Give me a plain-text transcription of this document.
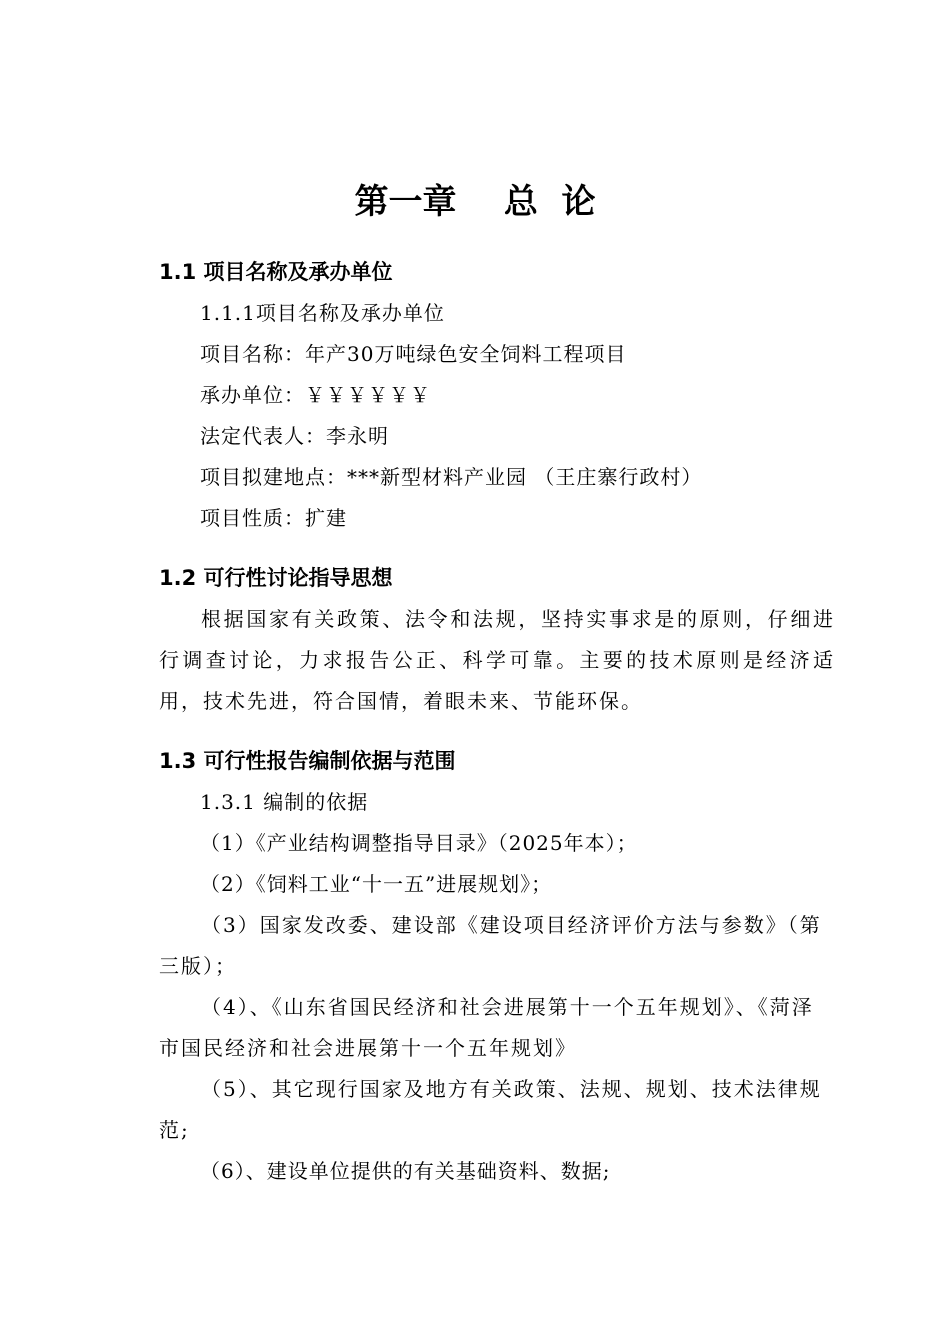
第一章    总  论
1.1 项目名称及承办单位
1.1.1项目名称及承办单位
项目名称：年产30万吨绿色安全饲料工程项目
承办单位：￥￥￥￥￥￥
法定代表人：李永明
项目拟建地点：***新型材料产业园 （王庄寨行政村）
项目性质：扩建
1.2 可行性讨论指导思想
根据国家有关政策、法令和法规，坚持实事求是的原则，仔细进行调查讨论，力求报告公正、科学可靠。主要的技术原则是经济适用，技术先进，符合国情，着眼未来、节能环保。
1.3 可行性报告编制依据与范围
1.3.1 编制的依据
（1）《产业结构调整指导目录》（2025年本）；
（2）《饲料工业“十一五”进展规划》；
（3）国家发改委、建设部《建设项目经济评价方法与参数》（第三版）；
（4）、《山东省国民经济和社会进展第十一个五年规划》、《菏泽市国民经济和社会进展第十一个五年规划》
（5）、其它现行国家及地方有关政策、法规、规划、技术法律规范;
（6）、建设单位提供的有关基础资料、数据;
